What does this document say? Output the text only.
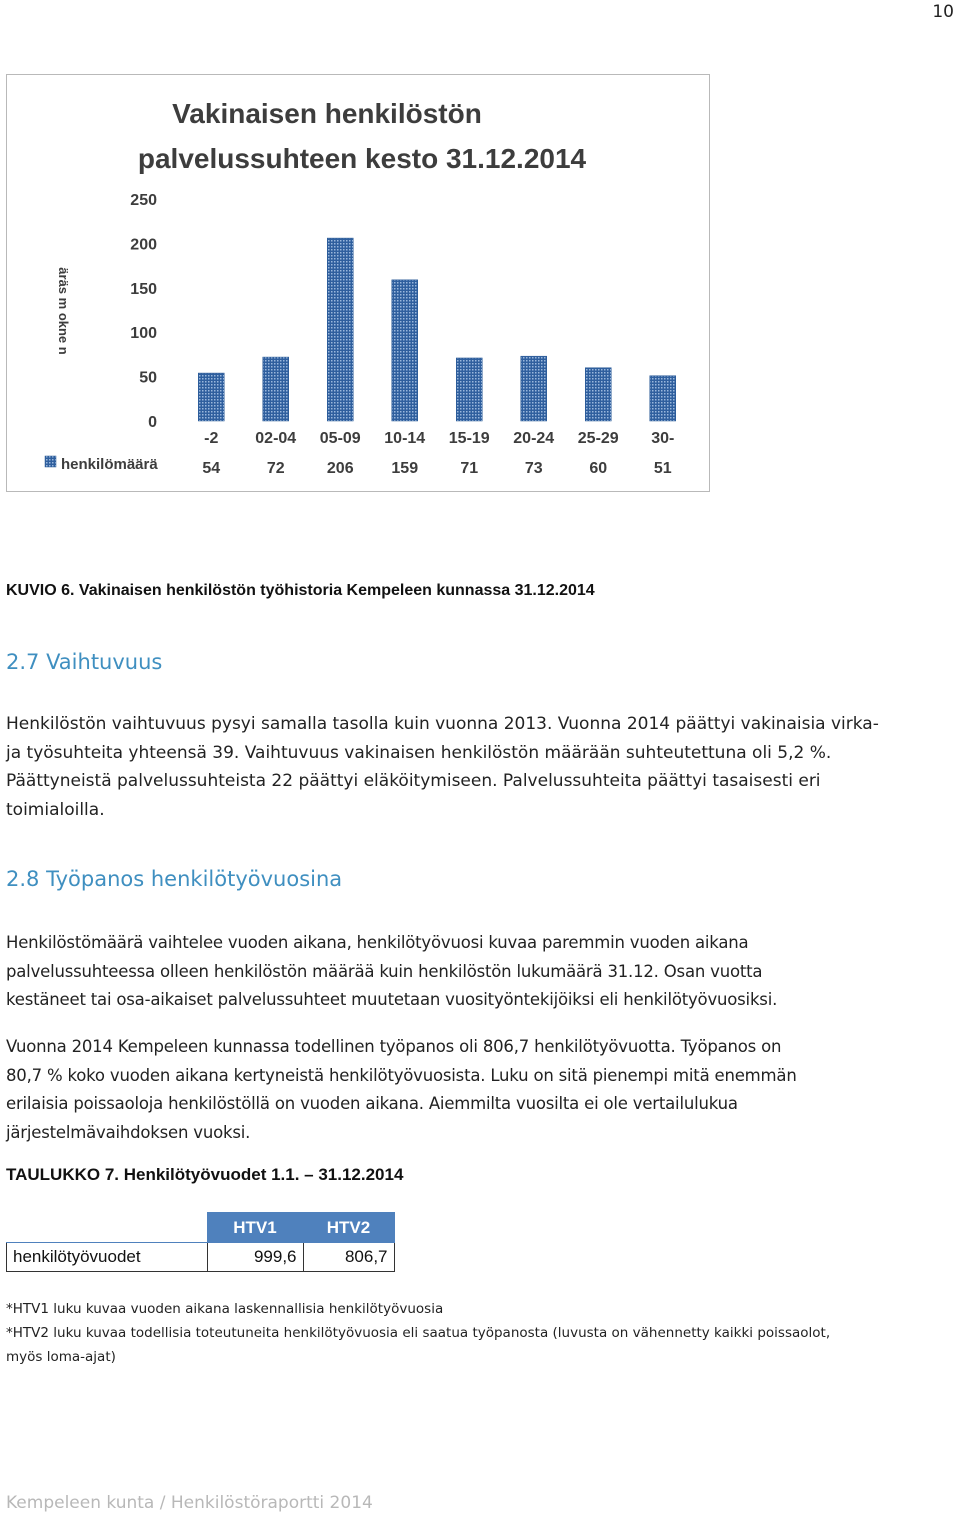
10
Vakinaisen henkilöstön
palvelussuhteen kesto 31.12.2014
0
50
100
150
200
250
äräs m okne n
-2 02-04 05-09 10-14 15-19 20-24 25-29 30-
henkilömäärä	54	72	206 159	71	73	60	51
KUVIO 6. Vakinaisen henkilöstön työhistoria Kempeleen kunnassa 31.12.2014
2.7 Vaihtuvuus

Henkilöstön vaihtuvuus pysyi samalla tasolla kuin vuonna 2013. Vuonna 2014 päättyi vakinaisia virka-
ja työsuhteita yhteensä 39. Vaihtuvuus vakinaisen henkilöstön määrään suhteutettuna oli 5,2 %.
Päättyneistä palvelussuhteista 22 päättyi eläköitymiseen. Palvelussuhteita päättyi tasaisesti eri
toimialoilla.

2.8 Työpanos henkilötyövuosina

Henkilöstömäärä vaihtelee vuoden aikana, henkilötyövuosi kuvaa paremmin vuoden aikana
palvelussuhteessa olleen henkilöstön määrää kuin henkilöstön lukumäärä 31.12. Osan vuotta
kestäneet tai osa-aikaiset palvelussuhteet muutetaan vuosityöntekijöiksi eli henkilötyövuosiksi.

Vuonna 2014 Kempeleen kunnassa todellinen työpanos oli 806,7 henkilötyövuotta. Työpanos on
80,7 % koko vuoden aikana kertyneistä henkilötyövuosista. Luku on sitä pienempi mitä enemmän
erilaisia poissaoloja henkilöstöllä on vuoden aikana. Aiemmilta vuosilta ei ole vertailulukua
järjestelmävaihdoksen vuoksi.

TAULUKKO 7. Henkilötyövuodet 1.1. – 31.12.2014
	HTV1	HTV2
henkilötyövuodet	999,6	806,7

*HTV1 luku kuvaa vuoden aikana laskennallisia henkilötyövuosia
*HTV2 luku kuvaa todellisia toteutuneita henkilötyövuosia eli saatua työpanosta (luvusta on vähennetty kaikki poissaolot,
myös loma-ajat)

Kempeleen kunta / Henkilöstöraportti 2014
